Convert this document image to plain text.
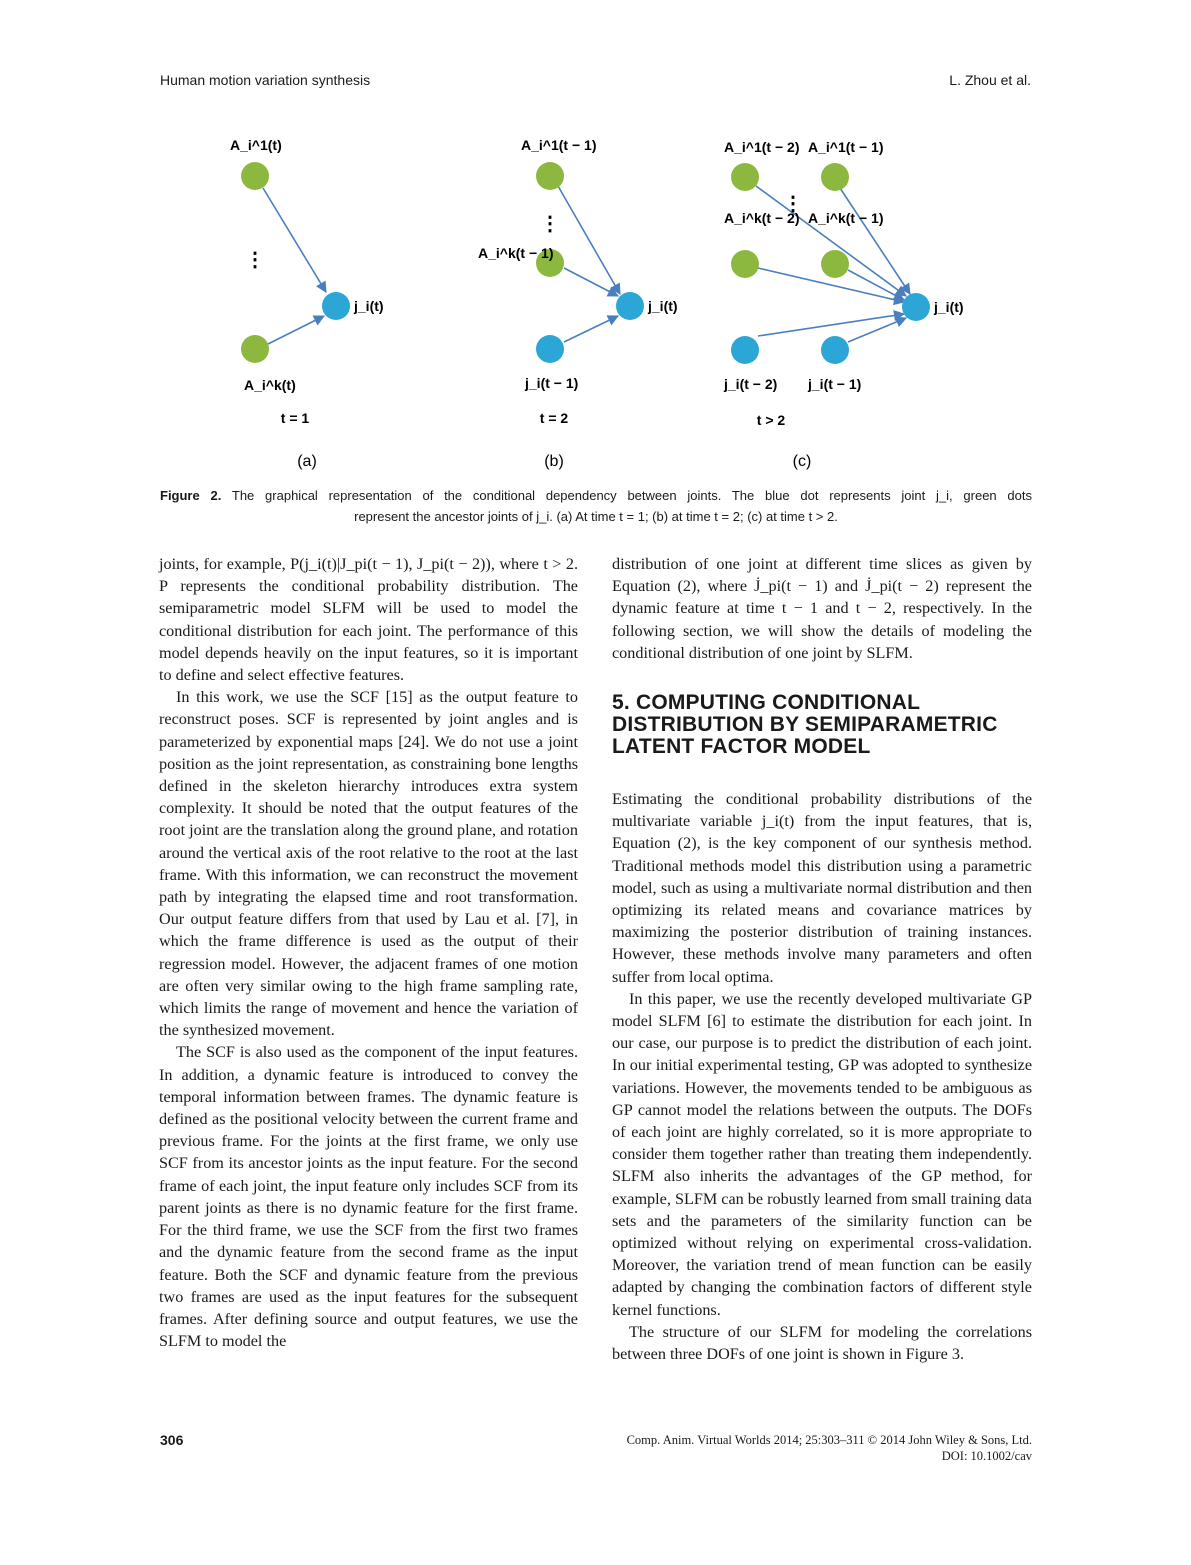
Human motion variation synthesis	L. Zhou et al.
⋮
A_i^1(t)
A_i^k(t)
j_i(t)
t = 1
(a)
⋮
A_i^1(t − 1)
A_i^k(t − 1)
j_i(t − 1)
j_i(t)
t = 2
(b)
⋮
A_i^1(t − 2) A_i^1(t − 1)
A_i^k(t − 2) A_i^k(t − 1)
j_i(t − 2) j_i(t − 1)
j_i(t)
t > 2
(c)
Figure 2. The graphical representation of the conditional dependency between joints. The blue dot represents joint j_i, green dots
represent the ancestor joints of j_i. (a) At time t = 1; (b) at time t = 2; (c) at time t > 2.

joints, for example, P(j_i(t)|J_pi(t − 1), J_pi(t − 2)), where t > 2. P represents the conditional probability distribution. The semiparametric model SLFM will be used to model the conditional distribution for each joint. The performance of this model depends heavily on the input features, so it is important to define and select effective features.

In this work, we use the SCF [15] as the output feature to reconstruct poses. SCF is represented by joint angles and is parameterized by exponential maps [24]. We do not use a joint position as the joint representation, as constraining bone lengths defined in the skeleton hierarchy introduces extra system complexity. It should be noted that the output features of the root joint are the translation along the ground plane, and rotation around the vertical axis of the root relative to the root at the last frame. With this information, we can reconstruct the movement path by integrating the elapsed time and root transformation. Our output feature differs from that used by Lau et al. [7], in which the frame difference is used as the output of their regression model. However, the adjacent frames of one motion are often very similar owing to the high frame sampling rate, which limits the range of movement and hence the variation of the synthesized movement.

The SCF is also used as the component of the input features. In addition, a dynamic feature is introduced to convey the temporal information between frames. The dynamic feature is defined as the positional velocity between the current frame and previous frame. For the joints at the first frame, we only use SCF from its ancestor joints as the input feature. For the second frame of each joint, the input feature only includes SCF from its parent joints as there is no dynamic feature for the first frame. For the third frame, we use the SCF from the first two frames and the dynamic feature from the second frame as the input feature. Both the SCF and dynamic feature from the previous two frames are used as the input features for the subsequent frames. After defining source and output features, we use the SLFM to model the

distribution of one joint at different time slices as given by Equation (2), where J̇_pi(t − 1) and J̇_pi(t − 2) represent the dynamic feature at time t − 1 and t − 2, respectively. In the following section, we will show the details of modeling the conditional distribution of one joint by SLFM.

5. COMPUTING CONDITIONAL DISTRIBUTION BY SEMIPARAMETRIC LATENT FACTOR MODEL

Estimating the conditional probability distributions of the multivariate variable j_i(t) from the input features, that is, Equation (2), is the key component of our synthesis method. Traditional methods model this distribution using a parametric model, such as using a multivariate normal distribution and then optimizing its related means and covariance matrices by maximizing the posterior distribution of training instances. However, these methods involve many parameters and often suffer from local optima.

In this paper, we use the recently developed multivariate GP model SLFM [6] to estimate the distribution for each joint. In our case, our purpose is to predict the distribution of each joint. In our initial experimental testing, GP was adopted to synthesize variations. However, the movements tended to be ambiguous as GP cannot model the relations between the outputs. The DOFs of each joint are highly correlated, so it is more appropriate to consider them together rather than treating them independently. SLFM also inherits the advantages of the GP method, for example, SLFM can be robustly learned from small training data sets and the parameters of the similarity function can be optimized without relying on experimental cross-validation. Moreover, the variation trend of mean function can be easily adapted by changing the combination factors of different style kernel functions.

The structure of our SLFM for modeling the correlations between three DOFs of one joint is shown in Figure 3.

306	Comp. Anim. Virtual Worlds 2014; 25:303–311 © 2014 John Wiley & Sons, Ltd.
DOI: 10.1002/cav
